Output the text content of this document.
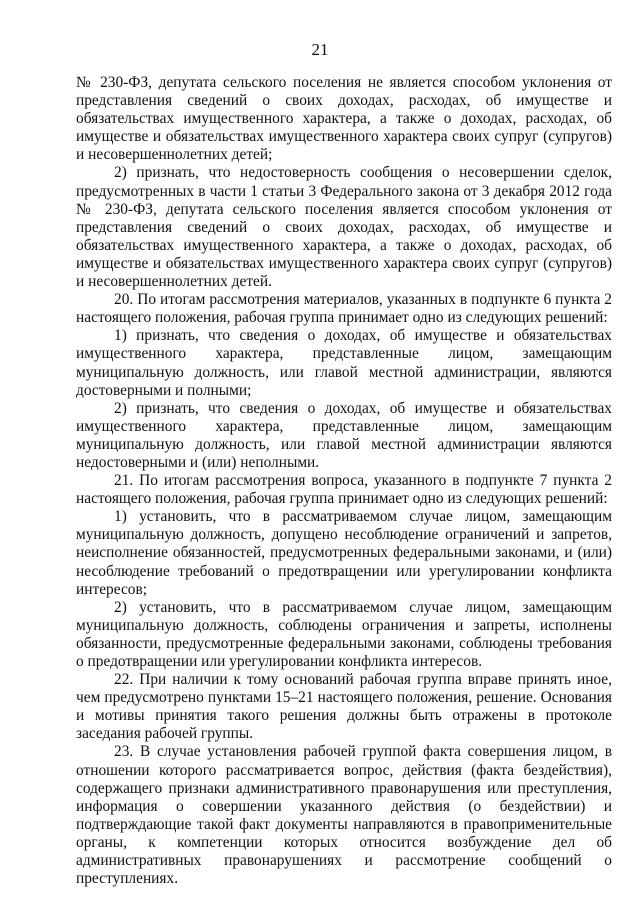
21

№ 230-ФЗ, депутата сельского поселения не является способом уклонения от представления сведений о своих доходах, расходах, об имуществе и обязательствах имущественного характера, а также о доходах, расходах, об имуществе и обязательствах имущественного характера своих супруг (супругов) и несовершеннолетних детей;

2) признать, что недостоверность сообщения о несовершении сделок, предусмотренных в части 1 статьи 3 Федерального закона от 3 декабря 2012 года № 230-ФЗ, депутата сельского поселения является способом уклонения от представления сведений о своих доходах, расходах, об имуществе и обязательствах имущественного характера, а также о доходах, расходах, об имуществе и обязательствах имущественного характера своих супруг (супругов) и несовершеннолетних детей.

20. По итогам рассмотрения материалов, указанных в подпункте 6 пункта 2 настоящего положения, рабочая группа принимает одно из следующих решений:

1) признать, что сведения о доходах, об имуществе и обязательствах имущественного характера, представленные лицом, замещающим муниципальную должность, или главой местной администрации, являются достоверными и полными;

2) признать, что сведения о доходах, об имуществе и обязательствах имущественного характера, представленные лицом, замещающим муниципальную должность, или главой местной администрации являются недостоверными и (или) неполными.

21. По итогам рассмотрения вопроса, указанного в подпункте 7 пункта 2 настоящего положения, рабочая группа принимает одно из следующих решений:

1) установить, что в рассматриваемом случае лицом, замещающим муниципальную должность, допущено несоблюдение ограничений и запретов, неисполнение обязанностей, предусмотренных федеральными законами, и (или) несоблюдение требований о предотвращении или урегулировании конфликта интересов;

2) установить, что в рассматриваемом случае лицом, замещающим муниципальную должность, соблюдены ограничения и запреты, исполнены обязанности, предусмотренные федеральными законами, соблюдены требования о предотвращении или урегулировании конфликта интересов.

22. При наличии к тому оснований рабочая группа вправе принять иное, чем предусмотрено пунктами 15–21 настоящего положения, решение. Основания и мотивы принятия такого решения должны быть отражены в протоколе заседания рабочей группы.

23. В случае установления рабочей группой факта совершения лицом, в отношении которого рассматривается вопрос, действия (факта бездействия), содержащего признаки административного правонарушения или преступления, информация о совершении указанного действия (о бездействии) и подтверждающие такой факт документы направляются в правоприменительные органы, к компетенции которых относится возбуждение дел об административных правонарушениях и рассмотрение сообщений о преступлениях.
